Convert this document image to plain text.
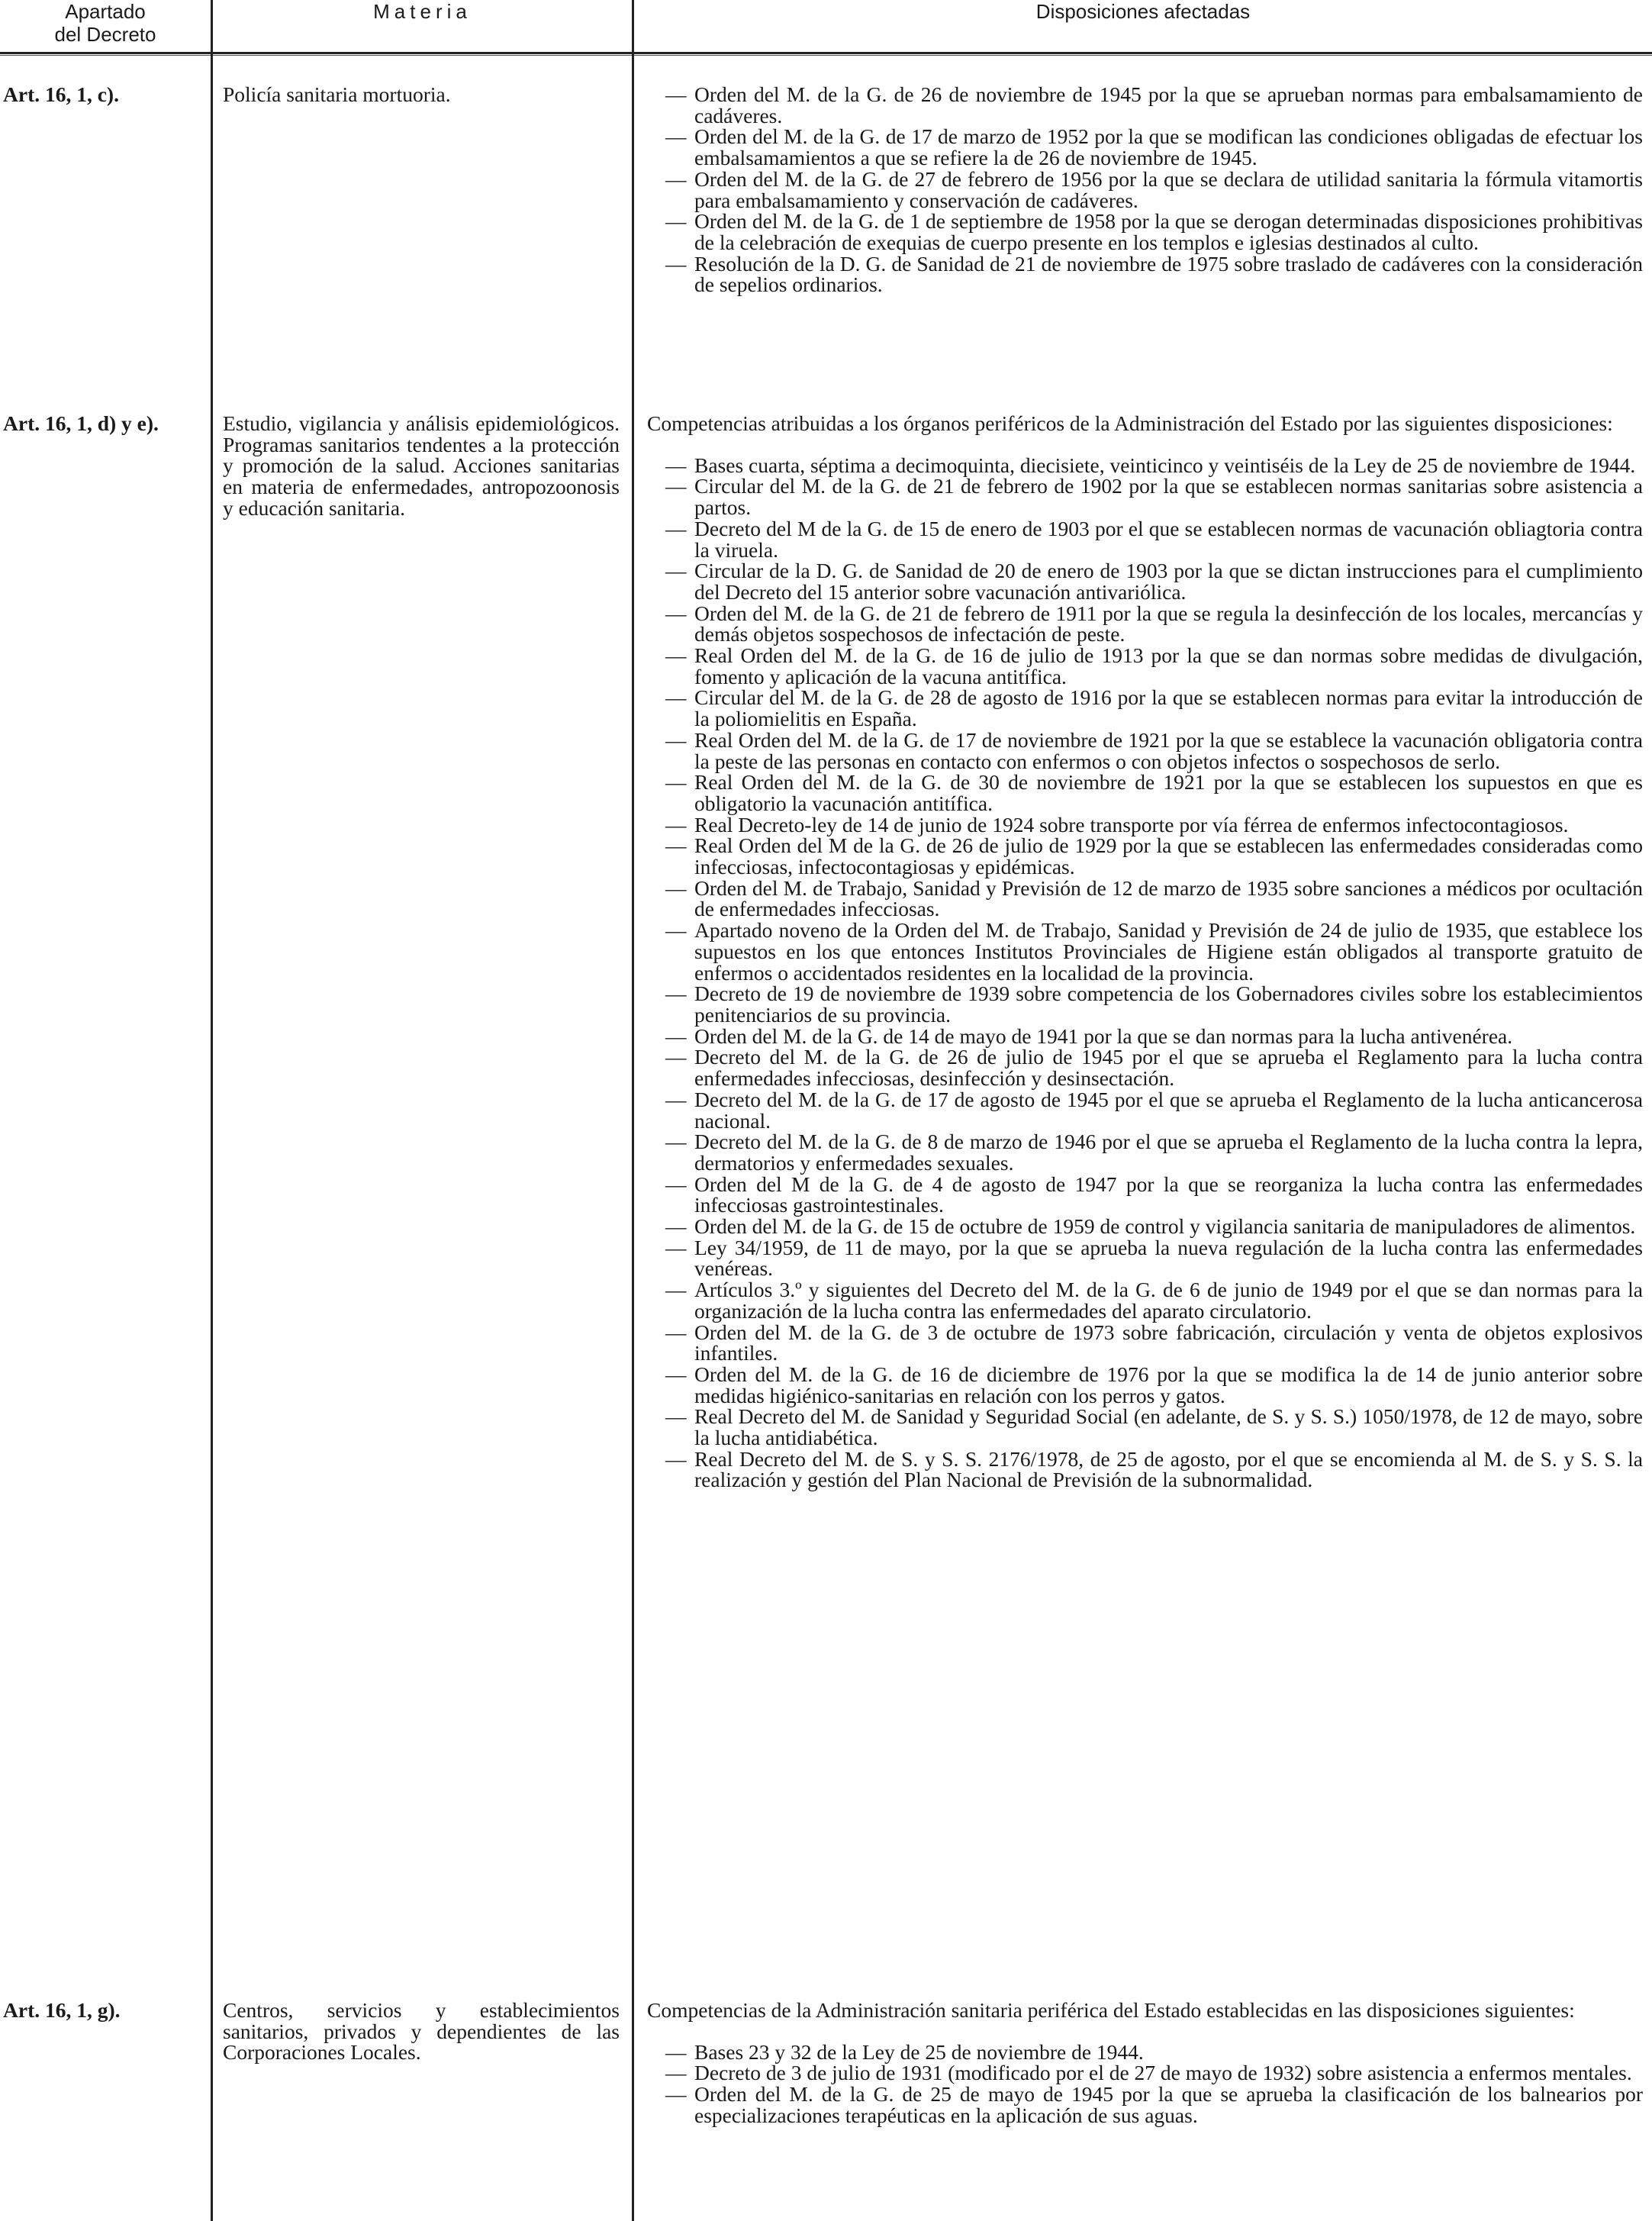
Apartado
del Decreto
Materia	Disposiciones afectadas
Art. 16, 1, c).	Policía sanitaria mortuoria.
—	Orden del M. de la G. de 26 de noviembre de 1945 por la que se aprueban normas para embalsamamiento de cadáveres.
— Orden del M. de la G. de 17 de marzo de 1952 por la que se modifican las condiciones obligadas de efectuar los embalsamamientos a que se refiere la de 26 de noviembre de 1945.
— Orden del M. de la G. de 27 de febrero de 1956 por la que se declara de utilidad sanitaria la fórmula vitamortis para embalsamamiento y conservación de cadáveres.
— Orden del M. de la G. de 1 de septiembre de 1958 por la que se derogan determinadas disposiciones prohibitivas de la celebración de exequias de cuerpo presente en los templos e iglesias destinados al culto.
— Resolución de la D. G. de Sanidad de 21 de noviembre de 1975 sobre traslado de cadáveres con la consideración de sepelios ordinarios.
Art. 16, 1, d) y e).	Estudio, vigilancia y análisis epidemiológicos. Programas sanitarios tendentes a la protección y promoción de la salud. Acciones sanitarias en materia de enfermedades, antropozoonosis y educación sanitaria.
Competencias atribuidas a los órganos periféricos de la Administración del Estado por las siguientes disposiciones:
— Bases cuarta, séptima a decimoquinta, diecisiete, veinticinco y veintiséis de la Ley de 25 de noviembre de 1944.
— Circular del M. de la G. de 21 de febrero de 1902 por la que se establecen normas sanitarias sobre asistencia a partos.
— Decreto del M de la G. de 15 de enero de 1903 por el que se establecen normas de vacunación obliagtoria contra la viruela.
— Circular de la D. G. de Sanidad de 20 de enero de 1903 por la que se dictan instrucciones para el cumplimiento del Decreto del 15 anterior sobre vacunación antivariólica.
— Orden del M. de la G. de 21 de febrero de 1911 por la que se regula la desinfección de los locales, mercancías y demás objetos sospechosos de infectación de peste.
— Real Orden del M. de la G. de 16 de julio de 1913 por la que se dan normas sobre medidas de divulgación, fomento y aplicación de la vacuna antitífica.
— Circular del M. de la G. de 28 de agosto de 1916 por la que se establecen normas para evitar la introducción de la poliomielitis en España.
— Real Orden del M. de la G. de 17 de noviembre de 1921 por la que se establece la vacunación obligatoria contra la peste de las personas en contacto con enfermos o con objetos infectos o sospechosos de serlo.
— Real Orden del M. de la G. de 30 de noviembre de 1921 por la que se establecen los supuestos en que es obligatorio la vacunación antitífica.
— Real Decreto-ley de 14 de junio de 1924 sobre transporte por vía férrea de enfermos infectocontagiosos.
— Real Orden del M de la G. de 26 de julio de 1929 por la que se establecen las enfermedades consideradas como infecciosas, infectocontagiosas y epidémicas.
— Orden del M. de Trabajo, Sanidad y Previsión de 12 de marzo de 1935 sobre sanciones a médicos por ocultación de enfermedades infecciosas.
— Apartado noveno de la Orden del M. de Trabajo, Sanidad y Previsión de 24 de julio de 1935, que establece los supuestos en los que entonces Institutos Provinciales de Higiene están obligados al transporte gratuito de enfermos o accidentados residentes en la localidad de la provincia.
— Decreto de 19 de noviembre de 1939 sobre competencia de los Gobernadores civiles sobre los establecimientos penitenciarios de su provincia.
— Orden del M. de la G. de 14 de mayo de 1941 por la que se dan normas para la lucha antivenérea.
— Decreto del M. de la G. de 26 de julio de 1945 por el que se aprueba el Reglamento para la lucha contra enfermedades infecciosas, desinfección y desinsectación.
— Decreto del M. de la G. de 17 de agosto de 1945 por el que se aprueba el Reglamento de la lucha anticancerosa nacional.
— Decreto del M. de la G. de 8 de marzo de 1946 por el que se aprueba el Reglamento de la lucha contra la lepra, dermatorios y enfermedades sexuales.
— Orden del M de la G. de 4 de agosto de 1947 por la que se reorganiza la lucha contra las enfermedades infecciosas gastrointestinales.
— Orden del M. de la G. de 15 de octubre de 1959 de control y vigilancia sanitaria de manipuladores de alimentos.
— Ley 34/1959, de 11 de mayo, por la que se aprueba la nueva regulación de la lucha contra las enfermedades venéreas.
— Artículos 3.º y siguientes del Decreto del M. de la G. de 6 de junio de 1949 por el que se dan normas para la organización de la lucha contra las enfermedades del aparato circulatorio.
— Orden del M. de la G. de 3 de octubre de 1973 sobre fabricación, circulación y venta de objetos explosivos infantiles.
— Orden del M. de la G. de 16 de diciembre de 1976 por la que se modifica la de 14 de junio anterior sobre medidas higiénico-sanitarias en relación con los perros y gatos.
— Real Decreto del M. de Sanidad y Seguridad Social (en adelante, de S. y S. S.) 1050/1978, de 12 de mayo, sobre la lucha antidiabética.
— Real Decreto del M. de S. y S. S. 2176/1978, de 25 de agosto, por el que se encomienda al M. de S. y S. S. la realización y gestión del Plan Nacional de Previsión de la subnormalidad.
Art. 16, 1, g).	Centros, servicios y establecimientos sanitarios, privados y dependientes de las Corporaciones Locales.
Competencias de la Administración sanitaria periférica del Estado establecidas en las disposiciones siguientes:
— Bases 23 y 32 de la Ley de 25 de noviembre de 1944.
— Decreto de 3 de julio de 1931 (modificado por el de 27 de mayo de 1932) sobre asistencia a enfermos mentales.
— Orden del M. de la G. de 25 de mayo de 1945 por la que se aprueba la clasificación de los balnearios por especializaciones terapéuticas en la aplicación de sus aguas.
